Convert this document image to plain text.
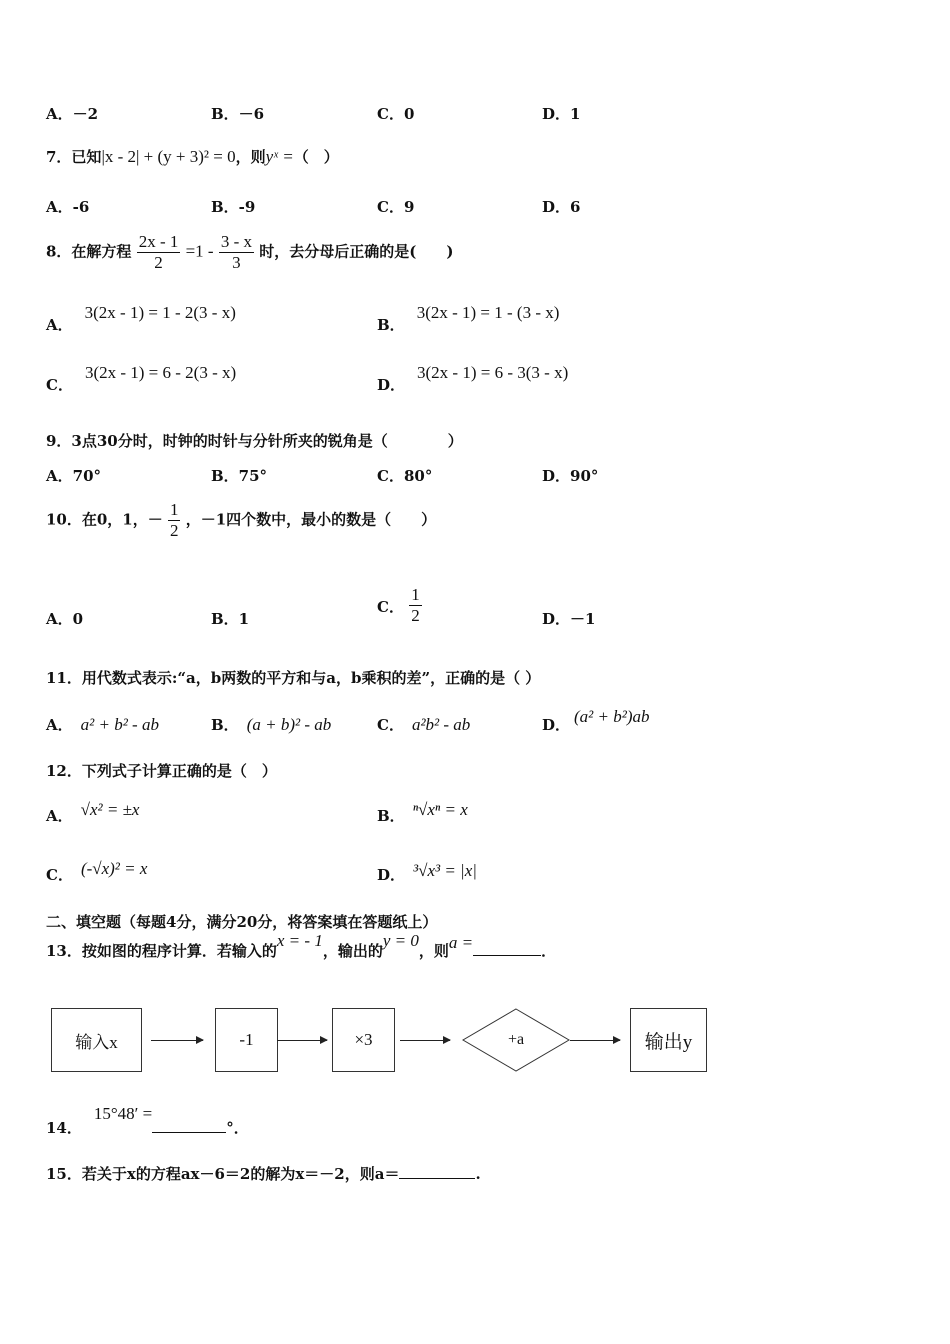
A．－2	B．－6	C．0	D．1
7．已知|x - 2| + (y + 3)² = 0，则yˣ =（　）
A．-6	B．-9	C．9	D．6
8．在解方程 $\frac{2x - 1}{2} =1 - \frac{3 - x}{3}$ 时，去分母后正确的是(　　)
A．3(2x - 1) = 1 - 2(3 - x)
B．3(2x - 1) = 1 - (3 - x)
C．3(2x - 1) = 6 - 2(3 - x)
D．3(2x - 1) = 6 - 3(3 - x)
9．3点30分时，时钟的时针与分针所夹的锐角是（　　　　）
A．70°	B．75°	C．80°	D．90°
10．在0，1，－ $\frac{1}{2}$ ，－1四个数中，最小的数是（　　）
A．0	B．1
C． $\frac{1}{2}$	D．－1
11．用代数式表示:“a，b两数的平方和与a，b乘积的差”，正确的是（ ）
A． a² + b² - ab	B． (a + b)² - ab	C． a²b² - ab	D． (a² + b²)ab
12．下列式子计算正确的是（　）
A． √x² = ±x	B． ⁿ√xⁿ = x
C． (-√x)² = x	D． ³√x³ = |x|
二、填空题（每题4分，满分20分，将答案填在答题纸上）
13．按如图的程序计算．若输入的x = - 1，输出的y = 0，则a =	．
输入x	-1	×3	+a	输出y
14．15°48′ =°．
15．若关于x的方程ax－6＝2的解为x＝－2，则a＝	.
